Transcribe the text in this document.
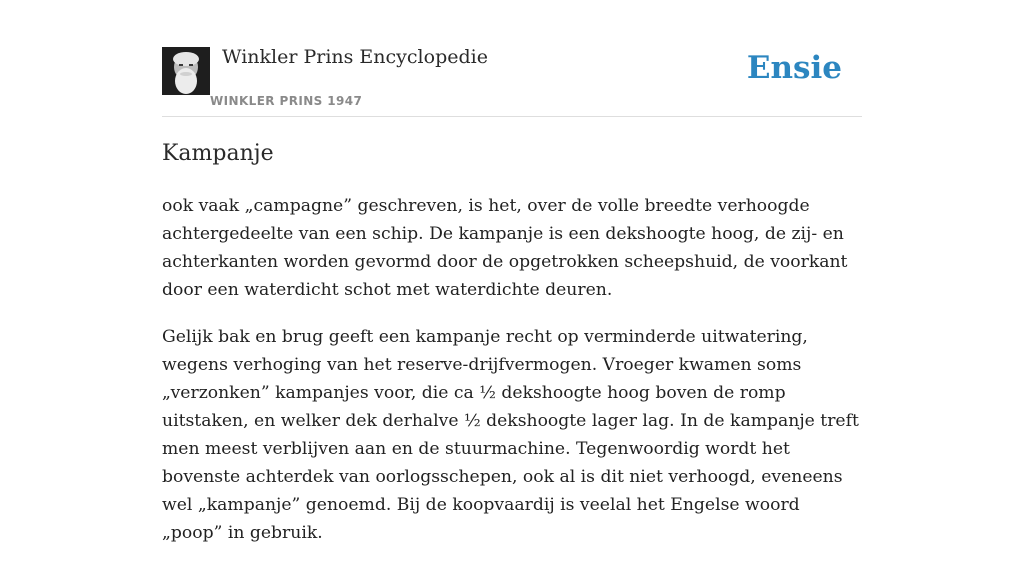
Winkler Prins Encyclopedie
WINKLER PRINS 1947
Ensie
Kampanje

ook vaak „campagne” geschreven, is het, over de volle breedte verhoogde achtergedeelte van een schip. De kampanje is een dekshoogte hoog, de zij- en achterkanten worden gevormd door de opgetrokken scheepshuid, de voorkant door een waterdicht schot met waterdichte deuren.

Gelijk bak en brug geeft een kampanje recht op verminderde uitwatering, wegens verhoging van het reserve-drijfvermogen. Vroeger kwamen soms „verzonken” kampanjes voor, die ca ½ dekshoogte hoog boven de romp uitstaken, en welker dek derhalve ½ dekshoogte lager lag. In de kampanje treft men meest verblijven aan en de stuurmachine. Tegenwoordig wordt het bovenste achterdek van oorlogsschepen, ook al is dit niet verhoogd, eveneens wel „kampanje” genoemd. Bij de koopvaardij is veelal het Engelse woord „poop” in gebruik.
